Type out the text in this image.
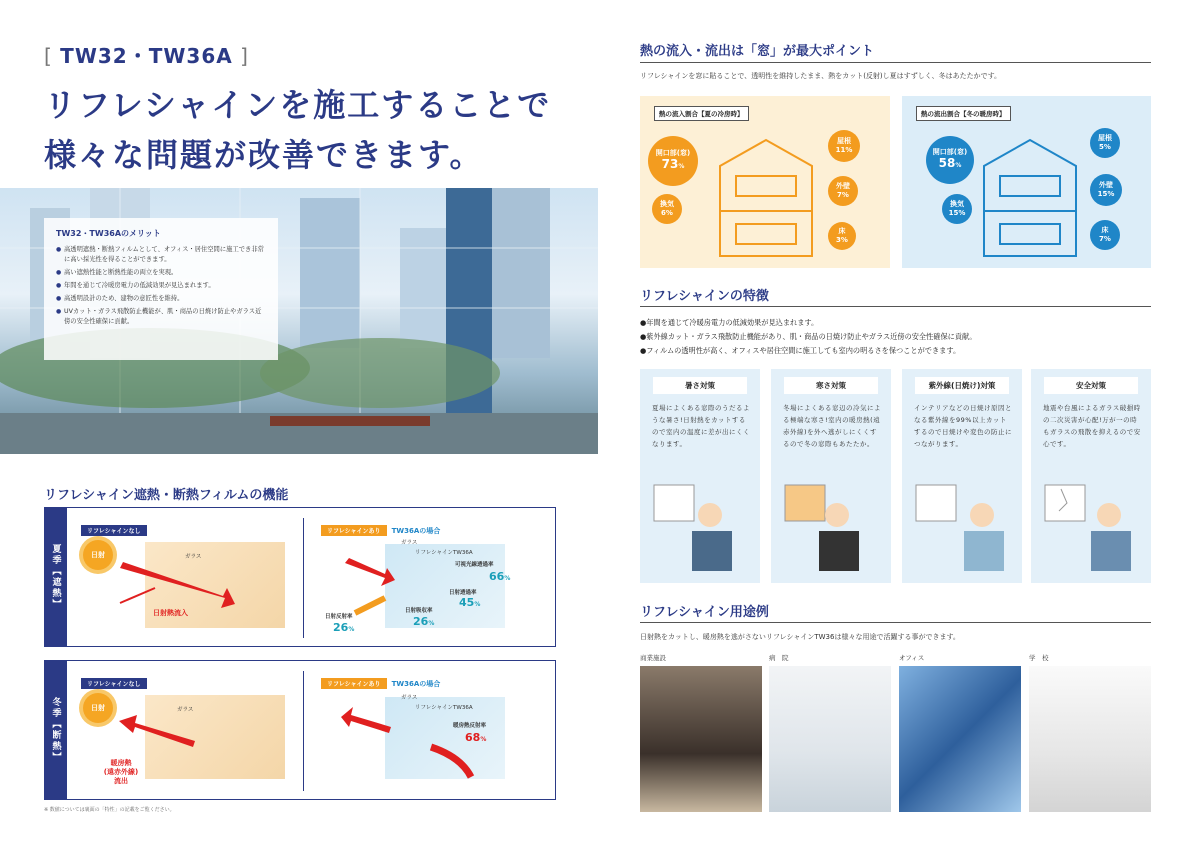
[ TW32・TW36A ]
リフレシャインを施工することで
様々な問題が改善できます。
TW32・TW36Aのメリット
● 高透明遮熱・断熱フィルムとして、オフィス・居住空間に施工でき非常に高い採光性を得ることができます。
● 高い遮熱性能と断熱性能の両立を実現。
● 年間を通じて冷暖房電力の低減効果が見込まれます。
● 高透明設計のため、建物の意匠性を維持。
● UVカット・ガラス飛散防止機能が、肌・商品の日焼け防止やガラス近傍の安全性確保に貢献。
リフレシャイン遮熱・断熱フィルムの機能
夏季【遮熱】
リフレシャインなし
日射	ガラス
日射熱流入
リフレシャインあり TW36Aの場合
ガラス
リフレシャインTW36A
可視光線透過率
66%
日射透過率
45%
日射反射率
26%
日射吸収率
26%
冬季【断熱】
リフレシャインなし
日射	ガラス
暖房熱
(遠赤外線)
流出
リフレシャインあり TW36Aの場合
ガラス
リフレシャインTW36A
暖房熱反射率
68%
※ 数値については裏面の「特性」の記載をご覧ください。
熱の流入・流出は「窓」が最大ポイント
リフレシャインを窓に貼ることで、透明性を維持したまま、熱をカット(反射)し夏はすずしく、冬はあたたかです。
熱の流入割合【夏の冷房時】
開口部(窓)
73%
換気
6%
屋根
11%
外壁
7%
床
3%
熱の流出割合【冬の暖房時】
開口部(窓)
58%
換気
15%
屋根
5%
外壁
15%
床
7%
リフレシャインの特徴
●年間を通じて冷暖房電力の低減効果が見込まれます。
●紫外線カット・ガラス飛散防止機能があり、肌・商品の日焼け防止やガラス近傍の安全性確保に貢献。
●フィルムの透明性が高く、オフィスや居住空間に施工しても室内の明るさを保つことができます。
暑さ対策
夏場によくある窓際のうだるような暑さ!日射熱をカットするので室内の温度に差が出にくくなります。
寒さ対策
冬場によくある窓辺の冷気による極端な寒さ!室内の暖房熱(遠赤外線)を外へ逃がしにくくするので冬の窓際もあたたか。
紫外線(日焼け)対策
インテリアなどの日焼け原因となる紫外線を99%以上カットするので日焼けや変色の防止につながります。
安全対策
地震や台風によるガラス破損時の二次災害が心配!万が一の時もガラスの飛散を抑えるので安心です。
リフレシャイン用途例
日射熱をカットし、暖房熱を逃がさないリフレシャインTW36は様々な用途で活躍する事ができます。
商業施設	病　院	オフィス	学　校
